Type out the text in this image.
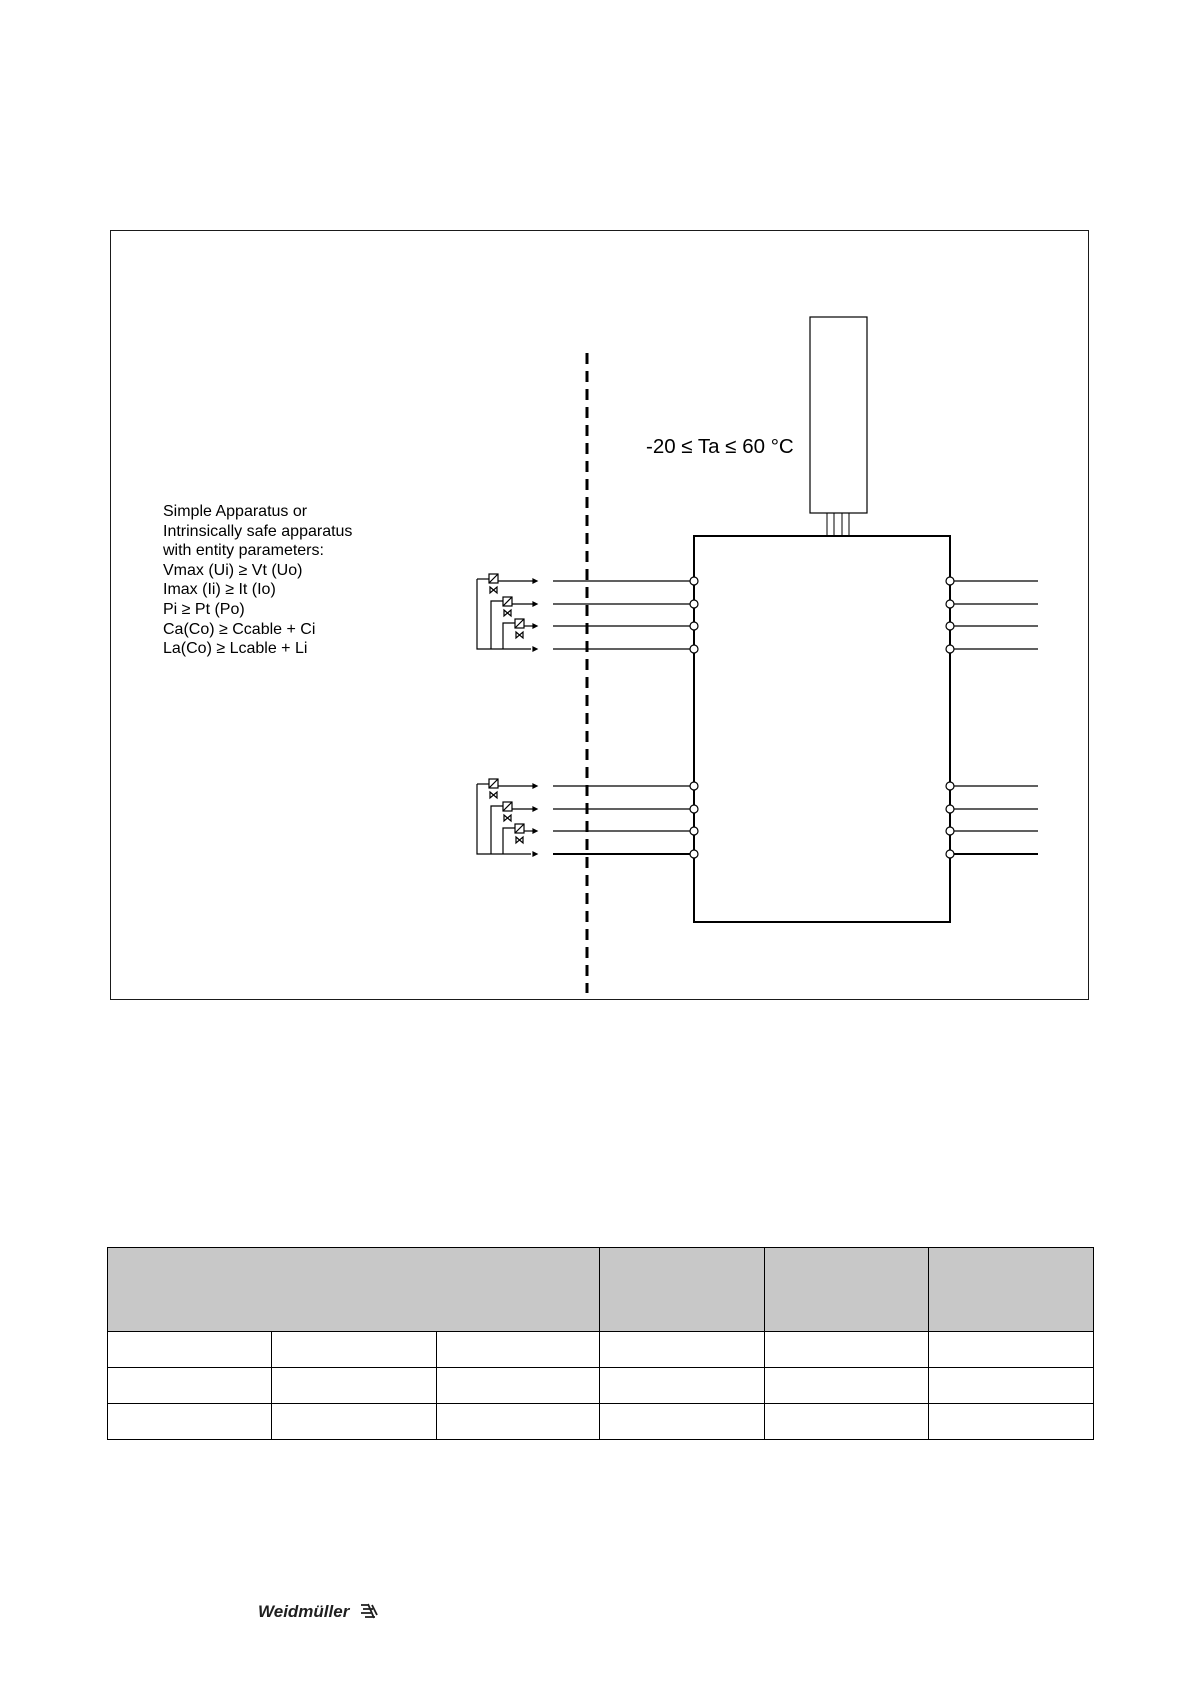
Simple Apparatus or
Intrinsically safe apparatus
with entity parameters:
Vmax (Ui) ≥ Vt (Uo)
Imax (Ii) ≥ It (Io)
Pi ≥ Pt (Po)
Ca(Co) ≥ Ccable + Ci
La(Co) ≥ Lcable + Li
-20 ≤ Ta ≤ 60 °C

Weidmüller
